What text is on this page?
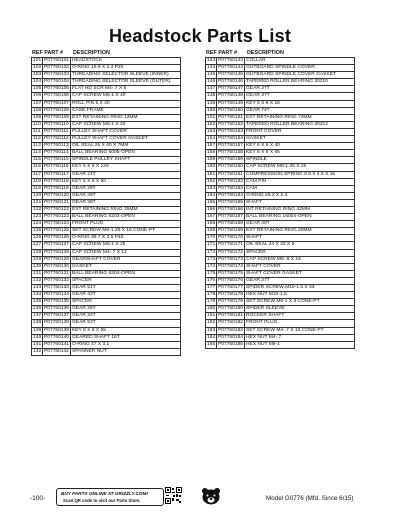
Headstock Parts List
REF PART #	DESCRIPTION
101	P07760101	HEADSTOCK
102	P07760102	O-RING 19.8 X 2.4 P20
103	P07760103	THREADING SELECTOR SLEEVE (INNER)
104	P07760104	THREADING SELECTOR SLEEVE (OUTER)
105	P07760105	FLAT HD SCR M4-.7 X 8
106	P07760106	CAP SCREW M6-1 X 40
107	P07760107	ROLL PIN 5 X 40
108	P07760108	CASE FRAME
109	P07760109	EXT RETAINING RING 12MM
110	P07760110	CAP SCREW M6-1 X 20
111	P07760111	PULLEY SHAFT COVER
112	P07760112	PULLEY SHAFT COVER GASKET
113	P07760113	OIL SEAL 25 X 40 X 7MM
114	P07760114	BALL BEARING 6005-OPEN
115	P07760115	SPINDLE PULLEY SHAFT
116	P07760116	KEY 6 X 6 X 120
117	P07760117	GEAR 21T
118	P07760118	KEY 6 X 6 X 50
119	P07760119	GEAR 29T
120	P07760120	GEAR 46T
121	P07760121	GEAR 38T
122	P07760122	EXT RETAINING RING 35MM
123	P07760123	BALL BEARING 6203-OPEN
124	P07760124	FRONT PLUG
125	P07760125	SET SCREW M8-1.25 X 16 CONE-PT
126	P07760126	O-RING 39.7 X 3.5 P40
127	P07760127	CAP SCREW M6-1 X 25
128	P07760128	CAP SCREW M4-.7 X 12
129	P07760129	GEARSHAFT COVER
130	P07760130	GASKET
131	P07760131	BALL BEARING 6204-OPEN
132	P07760132	SPACER
133	P07760133	GEAR 51T
134	P07760134	GEAR 43T
135	P07760135	SPACER
136	P07760136	GEAR 26T
137	P07760137	GEAR 34T
138	P07760138	GEAR 53T
139	P07760139	KEY 8 X 8 X 55
140	P07760140	GEARED SHAFT 16T
141	P07760141	O-RING 47 X 3.1
142	P07760142	SPANNER NUT
REF PART #	DESCRIPTION
143	P07760143	COLLAR
144	P07760144	OUTBOARD SPINDLE COVER
145	P07760145	OUTBOARD SPINDLE COVER GASKET
146	P07760146	TAPERED ROLLER BEARING 30210
147	P07760147	GEAR 37T
148	P07760148	GEAR 37T
149	P07760149	KEY 8 X 8 X 18
150	P07760150	GEAR 74T
151	P07760151	EXT RETAINING RING 72MM
152	P07760152	TAPERED ROLLER BEARING 30212
153	P07760153	FRONT COVER
154	P07760154	GASKET
157	P07760157	KEY 6 X 6 X 40
158	P07760158	KEY 8 X 8 X 65
159	P07760159	SPINDLE
160	P07760160	CAP SCREW M8-1.25 X 16
161	P07760161	COMPRESSION SPRING 0.8 X 4.5 X 16
162	P07760162	CAM PIN
163	P07760163	CAM
164	P07760164	O-RING 25.2 X 2.4
165	P07760165	SHAFT
166	P07760166	INT RETAINING RING 42MM
167	P07760167	BALL BEARING 16004-OPEN
168	P07760168	GEAR 30T
169	P07760169	EXT RETAINING RING 20MM
170	P07760170	SHAFT
171	P07760171	OIL SEAL 24 X 32 X 5
172	P07760172	SPACER
173	P07760173	CAP SCREW M5-.8 X 16
174	P07760174	SHAFT COVER
175	P07760175	SHAFT COVER GASKET
176	P07760176	GEAR 37T
177	P07760177	SPIDER SCREW M10-1.5 X 33
178	P07760178	HEX NUT M10-1.5
179	P07760179	SET SCREW M6-1 X 8 CONE-PT
180	P07760180	SPIDER SLEEVE
181	P07760181	ROCKER SHAFT
182	P07760182	FRONT PLUG
183	P07760183	SET SCREW M4-.7 X 10 CONE-PT
184	P07760184	HEX NUT M4-.7
185	P07760185	HEX NUT M6-1
-100-
BUY PARTS ONLINE AT GRIZZLY.COM!
Scan QR code to visit our Parts Store.	Model G0776 (Mfd. Since 6/15)
